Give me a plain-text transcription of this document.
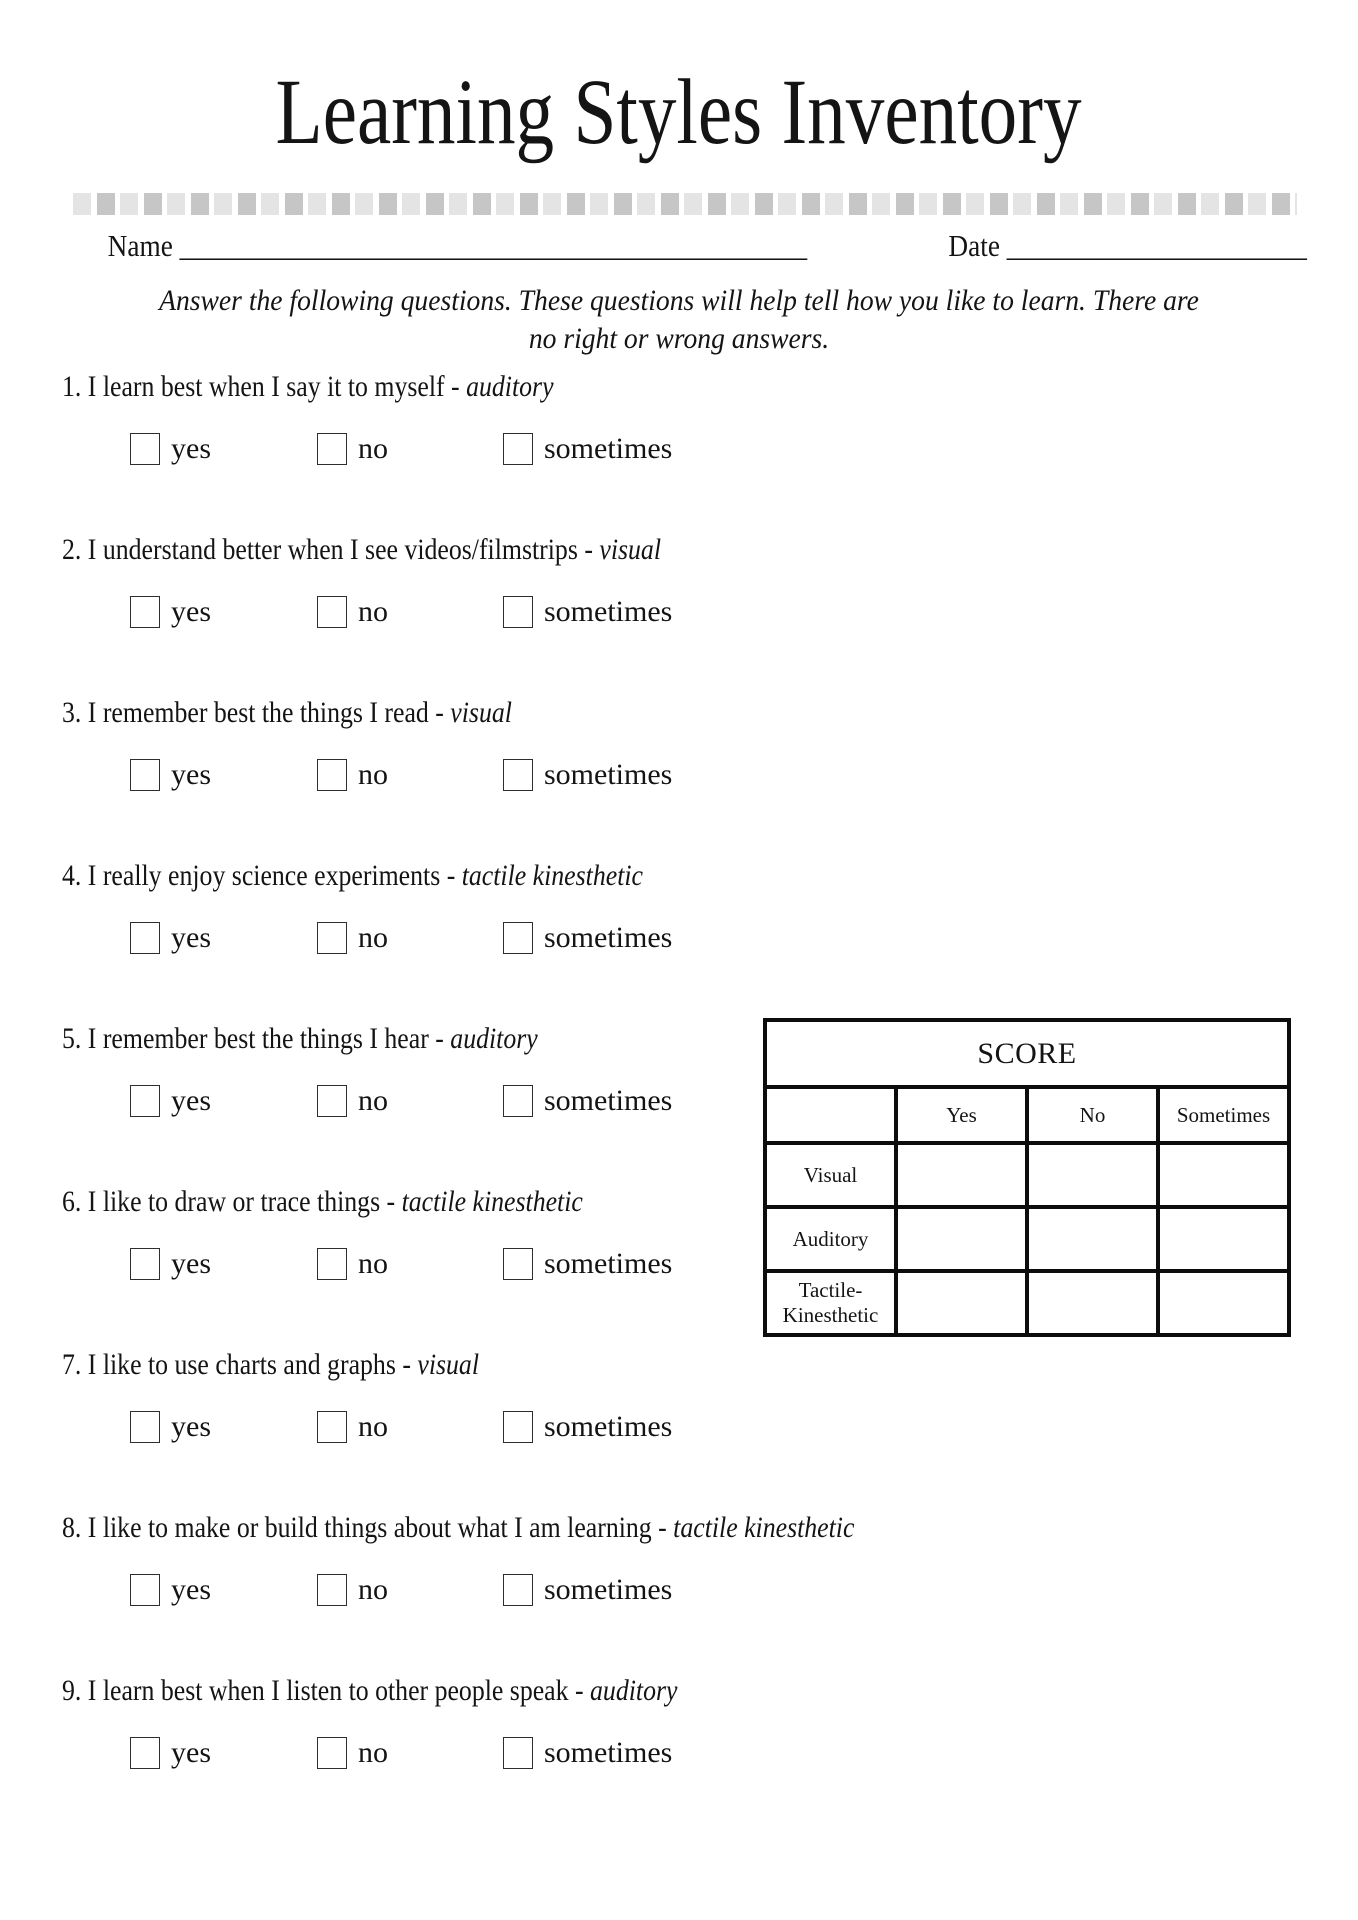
Learning Styles Inventory
Name ______________________________________________	Date ______________________
Answer the following questions. These questions will help tell how you like to learn. There are
no right or wrong answers.
1. I learn best when I say it to myself - auditory
yes	no	sometimes
2. I understand better when I see videos/filmstrips - visual
yes	no	sometimes
3. I remember best the things I read - visual
yes	no	sometimes
4. I really enjoy science experiments - tactile kinesthetic
yes	no	sometimes
5. I remember best the things I hear - auditory
yes	no	sometimes
6. I like to draw or trace things - tactile kinesthetic
yes	no	sometimes
7. I like to use charts and graphs - visual
yes	no	sometimes
8. I like to make or build things about what I am learning - tactile kinesthetic
yes	no	sometimes
9. I learn best when I listen to other people speak - auditory
yes	no	sometimes
SCORE			
	Yes	No	Sometimes
Visual			
Auditory			
Tactile- Kinesthetic			
